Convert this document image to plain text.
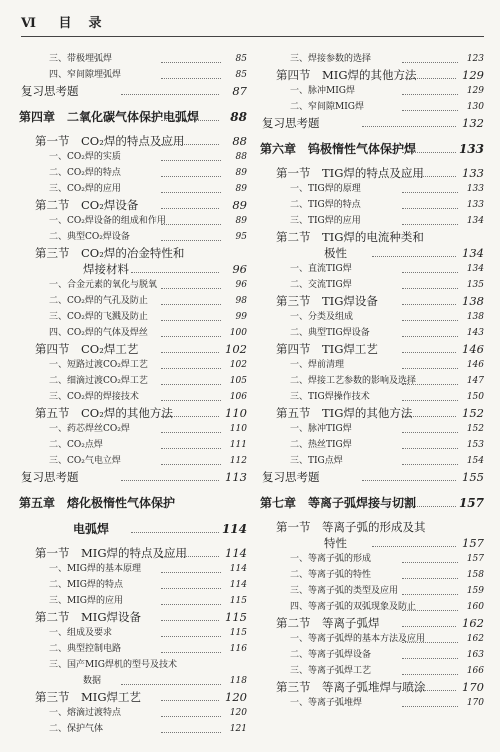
Ⅵ 目　录
三、带极埋弧焊	85
四、窄间隙埋弧焊	85
复习思考题	87
第四章　二氧化碳气体保护电弧焊	88
第一节　CO₂焊的特点及应用	88
一、CO₂焊的实质	88
二、CO₂焊的特点	89
三、CO₂焊的应用	89
第二节　CO₂焊设备	89
一、CO₂焊设备的组成和作用	89
二、典型CO₂焊设备	95
第三节　CO₂焊的冶金特性和
焊接材料	96
一、合金元素的氧化与脱氧	96
二、CO₂焊的气孔及防止	98
三、CO₂焊的飞溅及防止	99
四、CO₂焊的气体及焊丝	100
第四节　CO₂焊工艺	102
一、短路过渡CO₂焊工艺	102
二、细滴过渡CO₂焊工艺	105
三、CO₂焊的焊接技术	106
第五节　CO₂焊的其他方法	110
一、药芯焊丝CO₂焊	110
二、CO₂点焊	111
三、CO₂气电立焊	112
复习思考题	113
第五章　熔化极惰性气体保护
电弧焊	114
第一节　MIG焊的特点及应用	114
一、MIG焊的基本原理	114
二、MIG焊的特点	114
三、MIG焊的应用	115
第二节　MIG焊设备	115
一、组成及要求	115
二、典型控制电路	116
三、国产MIG焊机的型号及技术
数据	118
第三节　MIG焊工艺	120
一、熔滴过渡特点	120
二、保护气体	121
三、焊接参数的选择	123
第四节　MIG焊的其他方法	129
一、脉冲MIG焊	129
二、窄间隙MIG焊	130
复习思考题	132
第六章　钨极惰性气体保护焊	133
第一节　TIG焊的特点及应用	133
一、TIG焊的原理	133
二、TIG焊的特点	133
三、TIG焊的应用	134
第二节　TIG焊的电流种类和
极性	134
一、直流TIG焊	134
二、交流TIG焊	135
第三节　TIG焊设备	138
一、分类及组成	138
二、典型TIG焊设备	143
第四节　TIG焊工艺	146
一、焊前清理	146
二、焊接工艺参数的影响及选择	147
三、TIG焊操作技术	150
第五节　TIG焊的其他方法	152
一、脉冲TIG焊	152
二、热丝TIG焊	153
三、TIG点焊	154
复习思考题	155
第七章　等离子弧焊接与切割	157
第一节　等离子弧的形成及其
特性	157
一、等离子弧的形成	157
二、等离子弧的特性	158
三、等离子弧的类型及应用	159
四、等离子弧的双弧现象及防止	160
第二节　等离子弧焊	162
一、等离子弧焊的基本方法及应用	162
二、等离子弧焊设备	163
三、等离子弧焊工艺	166
第三节　等离子弧堆焊与喷涂	170
一、等离子弧堆焊	170
